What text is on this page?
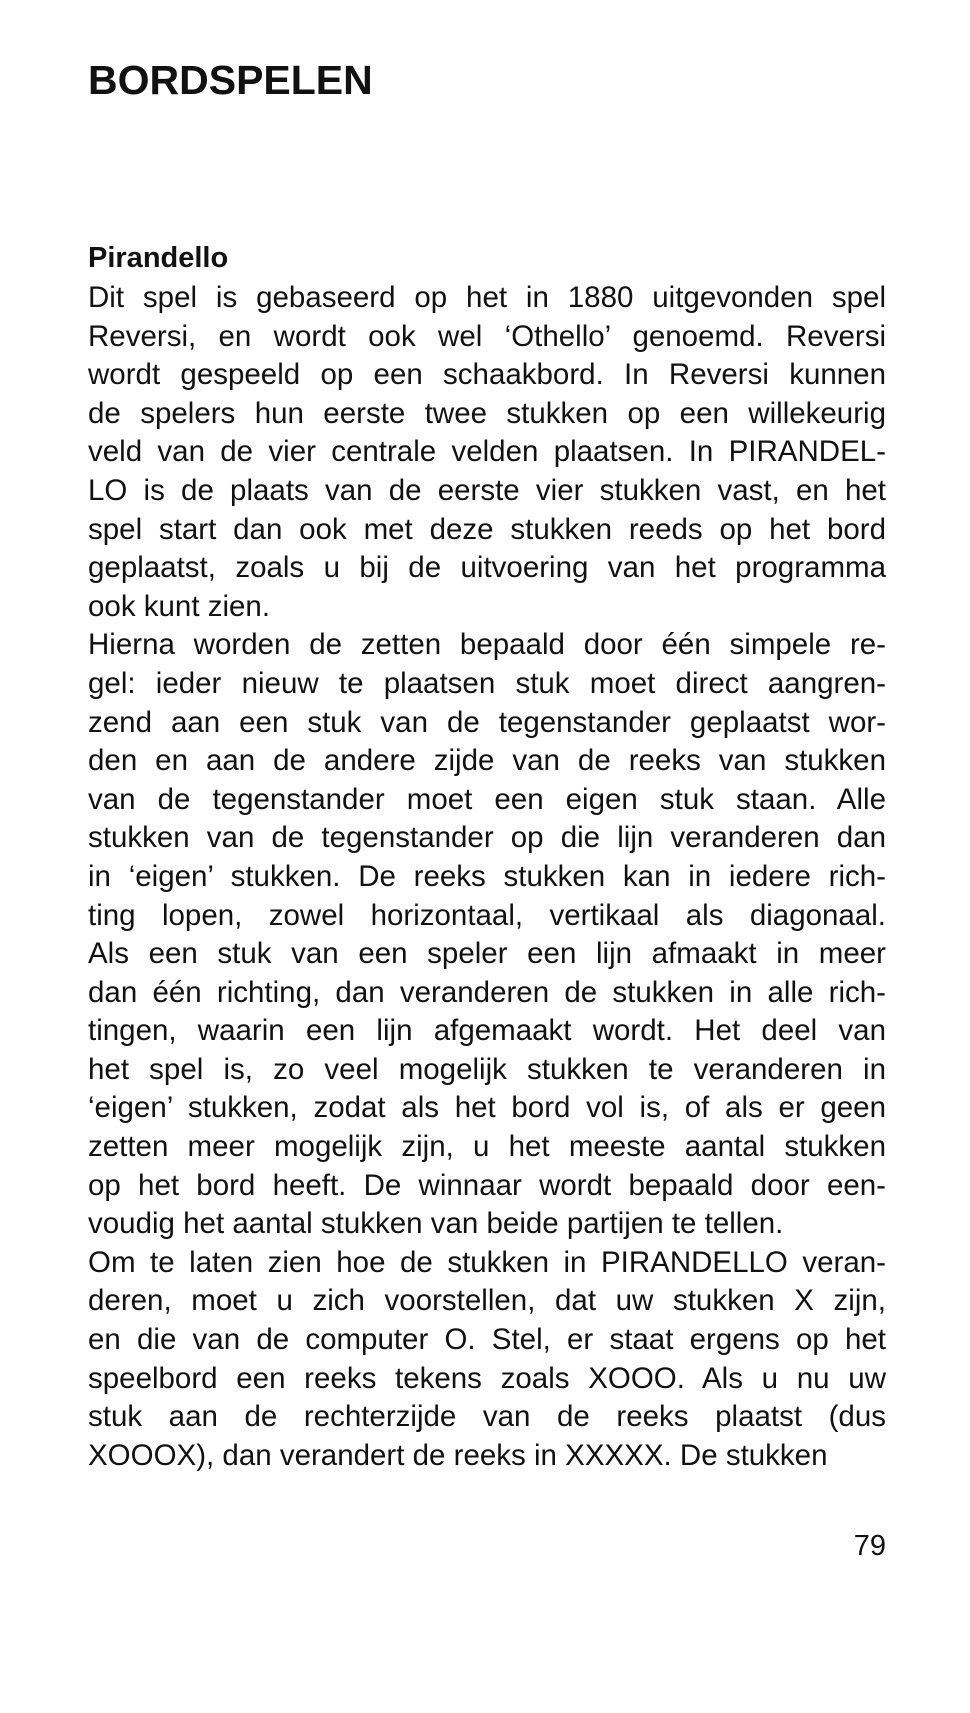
BORDSPELEN
Pirandello
Dit spel is gebaseerd op het in 1880 uitgevonden spel
Reversi, en wordt ook wel ‘Othello’ genoemd. Reversi
wordt gespeeld op een schaakbord. In Reversi kunnen
de spelers hun eerste twee stukken op een willekeurig
veld van de vier centrale velden plaatsen. In PIRANDEL-
LO is de plaats van de eerste vier stukken vast, en het
spel start dan ook met deze stukken reeds op het bord
geplaatst, zoals u bij de uitvoering van het programma
ook kunt zien.
Hierna worden de zetten bepaald door één simpele re-
gel: ieder nieuw te plaatsen stuk moet direct aangren-
zend aan een stuk van de tegenstander geplaatst wor-
den en aan de andere zijde van de reeks van stukken
van de tegenstander moet een eigen stuk staan. Alle
stukken van de tegenstander op die lijn veranderen dan
in ‘eigen’ stukken. De reeks stukken kan in iedere rich-
ting lopen, zowel horizontaal, vertikaal als diagonaal.
Als een stuk van een speler een lijn afmaakt in meer
dan één richting, dan veranderen de stukken in alle rich-
tingen, waarin een lijn afgemaakt wordt. Het deel van
het spel is, zo veel mogelijk stukken te veranderen in
‘eigen’ stukken, zodat als het bord vol is, of als er geen
zetten meer mogelijk zijn, u het meeste aantal stukken
op het bord heeft. De winnaar wordt bepaald door een-
voudig het aantal stukken van beide partijen te tellen.
Om te laten zien hoe de stukken in PIRANDELLO veran-
deren, moet u zich voorstellen, dat uw stukken X zijn,
en die van de computer O. Stel, er staat ergens op het
speelbord een reeks tekens zoals XOOO. Als u nu uw
stuk aan de rechterzijde van de reeks plaatst (dus
XOOOX), dan verandert de reeks in XXXXX. De stukken
79
